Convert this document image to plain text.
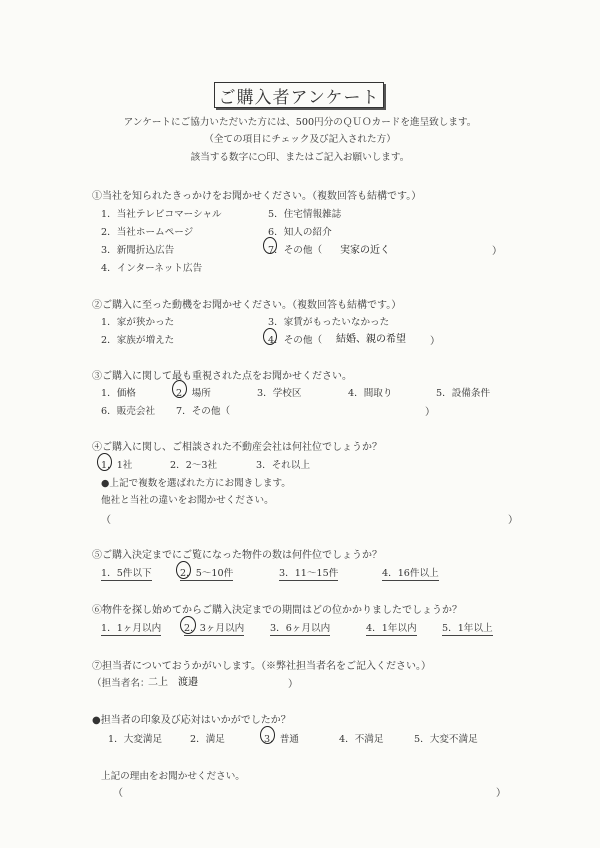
ご購入者アンケート
アンケートにご協力いただいた方には、500円分のＱＵＯカードを進呈致します。
（全ての項目にチェック及び記入された方）
該当する数字に○印、またはご記入お願いします。
①当社を知られたきっかけをお聞かせください。（複数回答も結構です。）
1．当社テレビコマーシャル	5．住宅情報雑誌
2．当社ホームページ	6．知人の紹介
3．新聞折込広告	7．その他（ 実家の近く	）
4．インターネット広告
②ご購入に至った動機をお聞かせください。（複数回答も結構です。）
1．家が狭かった	3．家賃がもったいなかった
2．家族が増えた	4．その他（ 結婚、親の希望 ）
③ご購入に関して最も重視された点をお聞かせください。
1．価格	2．場所	3．学校区	4．間取り	5．設備条件
6．販売会社 7．その他（	）
④ご購入に関し、ご相談された不動産会社は何社位でしょうか？
1．1社	2．2～3社	3．それ以上
●上記で複数を選ばれた方にお聞きします。
他社と当社の違いをお聞かせください。
（	）
⑤ご購入決定までにご覧になった物件の数は何件位でしょうか？
1．5件以下	2．5～10件	3．11～15件	4．16件以上
⑥物件を探し始めてからご購入決定までの期間はどの位かかりましたでしょうか？
1．1ヶ月以内 2．3ヶ月以内	3．6ヶ月以内	4．1年以内	5．1年以上
⑦担当者についておうかがいします。（※弊社担当者名をご記入ください。）
（担当者名：
二上　渡邉	）
●担当者の印象及び応対はいかがでしたか？
1．大変満足	2．満足	3．普通	4．不満足	5．大変不満足
上記の理由をお聞かせください。
（	）
